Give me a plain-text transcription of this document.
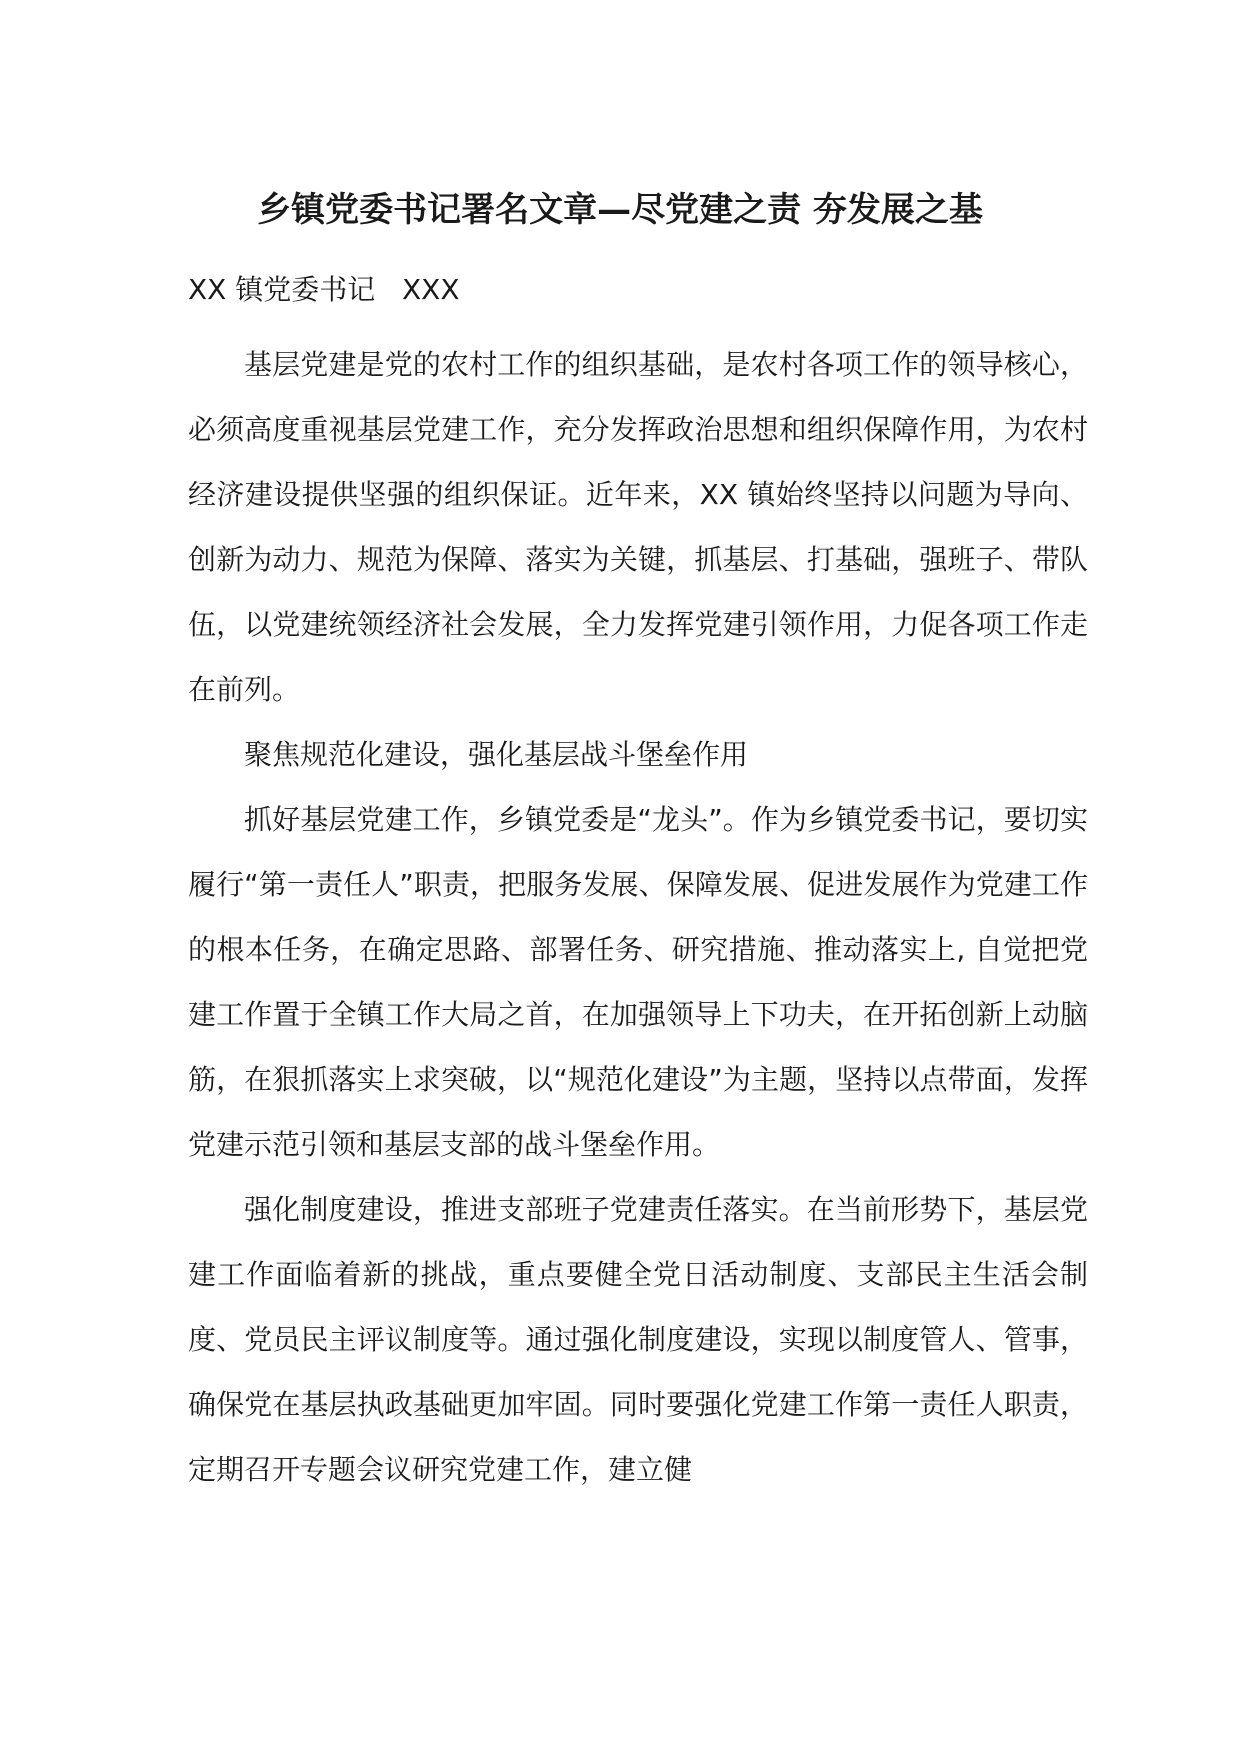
乡镇党委书记署名文章—尽党建之责 夯发展之基
XX 镇党委书记   XXX

基层党建是党的农村工作的组织基础，是农村各项工作的领导核心，必须高度重视基层党建工作，充分发挥政治思想和组织保障作用，为农村经济建设提供坚强的组织保证。近年来，XX 镇始终坚持以问题为导向、创新为动力、规范为保障、落实为关键，抓基层、打基础，强班子、带队伍，以党建统领经济社会发展，全力发挥党建引领作用，力促各项工作走在前列。

聚焦规范化建设，强化基层战斗堡垒作用

抓好基层党建工作，乡镇党委是“龙头”。作为乡镇党委书记，要切实履行“第一责任人”职责，把服务发展、保障发展、促进发展作为党建工作的根本任务，在确定思路、部署任务、研究措施、推动落实上, 自觉把党建工作置于全镇工作大局之首，在加强领导上下功夫，在开拓创新上动脑筋，在狠抓落实上求突破，以“规范化建设”为主题，坚持以点带面，发挥党建示范引领和基层支部的战斗堡垒作用。

强化制度建设，推进支部班子党建责任落实。在当前形势下，基层党建工作面临着新的挑战，重点要健全党日活动制度、支部民主生活会制度、党员民主评议制度等。通过强化制度建设，实现以制度管人、管事，确保党在基层执政基础更加牢固。同时要强化党建工作第一责任人职责，定期召开专题会议研究党建工作，建立健
